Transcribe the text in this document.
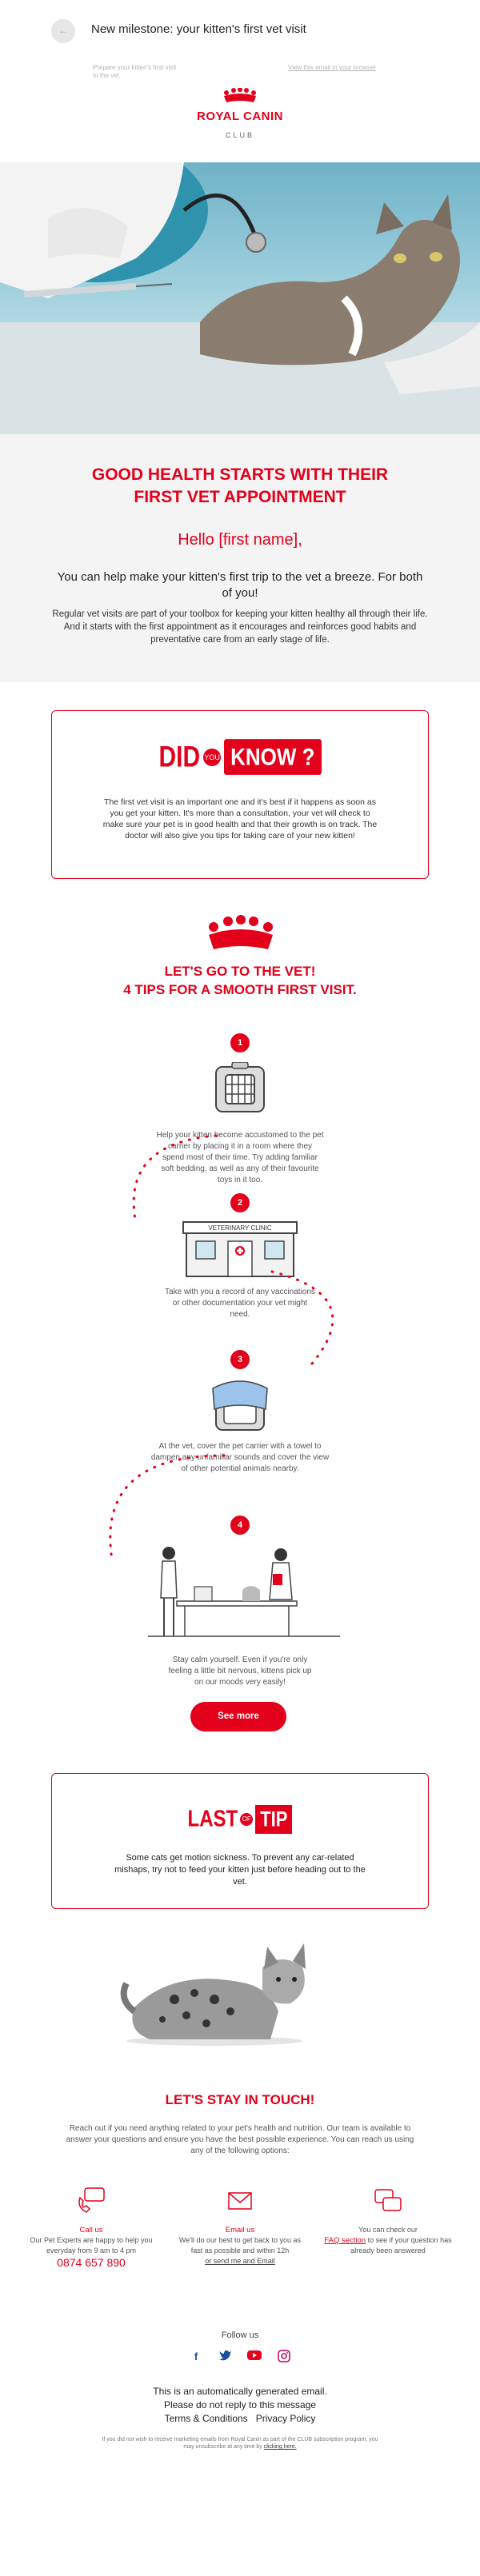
← New milestone: your kitten's first vet visit
Prepare your kitten's first visit to the vet.
View this email in your browser
ROYAL CANIN
CLUB
GOOD HEALTH STARTS WITH THEIR FIRST VET APPOINTMENT
Hello [first name],
You can help make your kitten's first trip to the vet a breeze. For both of you!
Regular vet visits are part of your toolbox for keeping your kitten healthy all through their life. And it starts with the first appointment as it encourages and reinforces good habits and preventative care from an early stage of life.
DID YOU KNOW ?
The first vet visit is an important one and it's best if it happens as soon as you get your kitten. It's more than a consultation, your vet will check to make sure your pet is in good health and that their growth is on track. The doctor will also give you tips for taking care of your new kitten!
LET'S GO TO THE VET!
4 TIPS FOR A SMOOTH FIRST VISIT.
1
Help your kitten become accustomed to the pet carrier by placing it in a room where they spend most of their time. Try adding familiar soft bedding, as well as any of their favourite toys in it too.
2
VETERINARY CLINIC
Take with you a record of any vaccinations or other documentation your vet might need.
3
At the vet, cover the pet carrier with a towel to dampen any unfamiliar sounds and cover the view of other potential animals nearby.
4
Stay calm yourself. Even if you're only feeling a little bit nervous, kittens pick up on our moods very easily!
See more
LAST OF TIP
Some cats get motion sickness. To prevent any car-related mishaps, try not to feed your kitten just before heading out to the vet.
LET'S STAY IN TOUCH!
Reach out if you need anything related to your pet's health and nutrition. Our team is available to answer your questions and ensure you have the best possible experience. You can reach us using any of the following options:
Call us
Our Pet Experts are happy to help you everyday from 9 am to 4 pm
0874 657 890
Email us
We'll do our best to get back to you as fast as possible and within 12h
or send me and Email
You can check our
FAQ section to see if your question has already been answered
Follow us
f
This is an automatically generated email.
Please do not reply to this message
Terms & Conditions Privacy Policy
If you did not wish to receive marketing emails from Royal Canin as part of the CLUB subscription program, you may unsubscribe at any time by clicking here.
